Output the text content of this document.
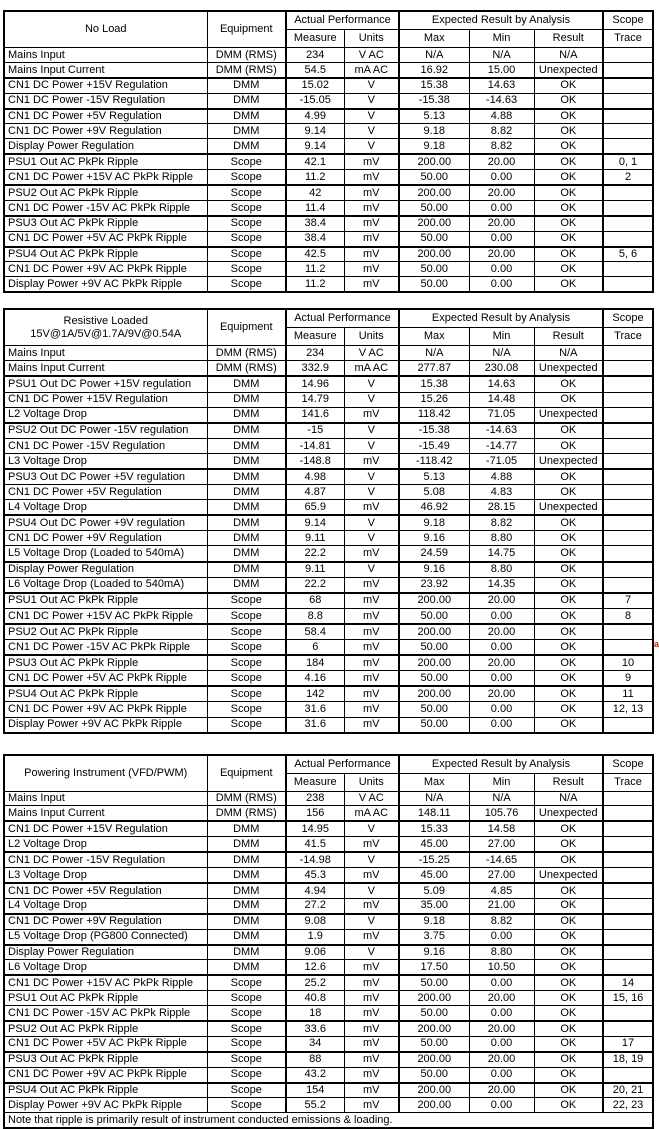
No Load	Equipment	Actual Performance		Expected Result by Analysis			Scope
		Measure	Units	Max	Min	Result	Trace
Mains Input	DMM (RMS)	234	V AC	N/A	N/A	N/A	
Mains Input Current	DMM (RMS)	54.5	mA AC	16.92	15.00	Unexpected	
CN1 DC Power +15V Regulation	DMM	15.02	V	15.38	14.63	OK	
CN1 DC Power -15V Regulation	DMM	-15.05	V	-15.38	-14.63	OK	
CN1 DC Power +5V Regulation	DMM	4.99	V	5.13	4.88	OK	
CN1 DC Power +9V Regulation	DMM	9.14	V	9.18	8.82	OK	
Display Power Regulation	DMM	9.14	V	9.18	8.82	OK	
PSU1 Out AC PkPk Ripple	Scope	42.1	mV	200.00	20.00	OK	0, 1
CN1 DC Power +15V AC PkPk Ripple	Scope	11.2	mV	50.00	0.00	OK	2
PSU2 Out AC PkPk Ripple	Scope	42	mV	200.00	20.00	OK	
CN1 DC Power -15V AC PkPk Ripple	Scope	11.4	mV	50.00	0.00	OK	
PSU3 Out AC PkPk Ripple	Scope	38.4	mV	200.00	20.00	OK	
CN1 DC Power +5V AC PkPk Ripple	Scope	38.4	mV	50.00	0.00	OK	
PSU4 Out AC PkPk Ripple	Scope	42.5	mV	200.00	20.00	OK	5, 6
CN1 DC Power +9V AC PkPk Ripple	Scope	11.2	mV	50.00	0.00	OK	
Display Power +9V AC PkPk Ripple	Scope	11.2	mV	50.00	0.00	OK	
Resistive Loaded
15V@1A/5V@1.7A/9V@0.54A	Equipment	Actual Performance		Expected Result by Analysis			Scope
		Measure	Units	Max	Min	Result	Trace
Mains Input	DMM (RMS)	234	V AC	N/A	N/A	N/A	
Mains Input Current	DMM (RMS)	332.9	mA AC	277.87	230.08	Unexpected	
PSU1 Out DC Power +15V regulation	DMM	14.96	V	15.38	14.63	OK	
CN1 DC Power +15V Regulation	DMM	14.79	V	15.26	14.48	OK	
L2 Voltage Drop	DMM	141.6	mV	118.42	71.05	Unexpected	
PSU2 Out DC Power -15V regulation	DMM	-15	V	-15.38	-14.63	OK	
CN1 DC Power -15V Regulation	DMM	-14.81	V	-15.49	-14.77	OK	
L3 Voltage Drop	DMM	-148.8	mV	-118.42	-71.05	Unexpected	
PSU3 Out DC Power +5V regulation	DMM	4.98	V	5.13	4.88	OK	
CN1 DC Power +5V Regulation	DMM	4.87	V	5.08	4.83	OK	
L4 Voltage Drop	DMM	65.9	mV	46.92	28.15	Unexpected	
PSU4 Out DC Power +9V regulation	DMM	9.14	V	9.18	8.82	OK	
CN1 DC Power +9V Regulation	DMM	9.11	V	9.16	8.80	OK	
L5 Voltage Drop (Loaded to 540mA)	DMM	22.2	mV	24.59	14.75	OK	
Display Power Regulation	DMM	9.11	V	9.16	8.80	OK	
L6 Voltage Drop (Loaded to 540mA)	DMM	22.2	mV	23.92	14.35	OK	
PSU1 Out AC PkPk Ripple	Scope	68	mV	200.00	20.00	OK	7
CN1 DC Power +15V AC PkPk Ripple	Scope	8.8	mV	50.00	0.00	OK	8
PSU2 Out AC PkPk Ripple	Scope	58.4	mV	200.00	20.00	OK	
CN1 DC Power -15V AC PkPk Ripple	Scope	6	mV	50.00	0.00	OK	
PSU3 Out AC PkPk Ripple	Scope	184	mV	200.00	20.00	OK	10
CN1 DC Power +5V AC PkPk Ripple	Scope	4.16	mV	50.00	0.00	OK	9
PSU4 Out AC PkPk Ripple	Scope	142	mV	200.00	20.00	OK	11
CN1 DC Power +9V AC PkPk Ripple	Scope	31.6	mV	50.00	0.00	OK	12, 13
Display Power +9V AC PkPk Ripple	Scope	31.6	mV	50.00	0.00	OK	
Powering Instrument (VFD/PWM)	Equipment	Actual Performance		Expected Result by Analysis			Scope
		Measure	Units	Max	Min	Result	Trace
Mains Input	DMM (RMS)	238	V AC	N/A	N/A	N/A	
Mains Input Current	DMM (RMS)	156	mA AC	148.11	105.76	Unexpected	
CN1 DC Power +15V Regulation	DMM	14.95	V	15.33	14.58	OK	
L2 Voltage Drop	DMM	41.5	mV	45.00	27.00	OK	
CN1 DC Power -15V Regulation	DMM	-14.98	V	-15.25	-14.65	OK	
L3 Voltage Drop	DMM	45.3	mV	45.00	27.00	Unexpected	
CN1 DC Power +5V Regulation	DMM	4.94	V	5.09	4.85	OK	
L4 Voltage Drop	DMM	27.2	mV	35.00	21.00	OK	
CN1 DC Power +9V Regulation	DMM	9.08	V	9.18	8.82	OK	
L5 Voltage Drop (PG800 Connected)	DMM	1.9	mV	3.75	0.00	OK	
Display Power Regulation	DMM	9.06	V	9.16	8.80	OK	
L6 Voltage Drop	DMM	12.6	mV	17.50	10.50	OK	
CN1 DC Power +15V AC PkPk Ripple	Scope	25.2	mV	50.00	0.00	OK	14
PSU1 Out AC PkPk Ripple	Scope	40.8	mV	200.00	20.00	OK	15, 16
CN1 DC Power -15V AC PkPk Ripple	Scope	18	mV	50.00	0.00	OK	
PSU2 Out AC PkPk Ripple	Scope	33.6	mV	200.00	20.00	OK	
CN1 DC Power +5V AC PkPk Ripple	Scope	34	mV	50.00	0.00	OK	17
PSU3 Out AC PkPk Ripple	Scope	88	mV	200.00	20.00	OK	18, 19
CN1 DC Power +9V AC PkPk Ripple	Scope	43.2	mV	50.00	0.00	OK	
PSU4 Out AC PkPk Ripple	Scope	154	mV	200.00	20.00	OK	20, 21
Display Power +9V AC PkPk Ripple	Scope	55.2	mV	200.00	0.00	OK	22, 23
Note that ripple is primarily result of instrument conducted emissions & loading.							
a
